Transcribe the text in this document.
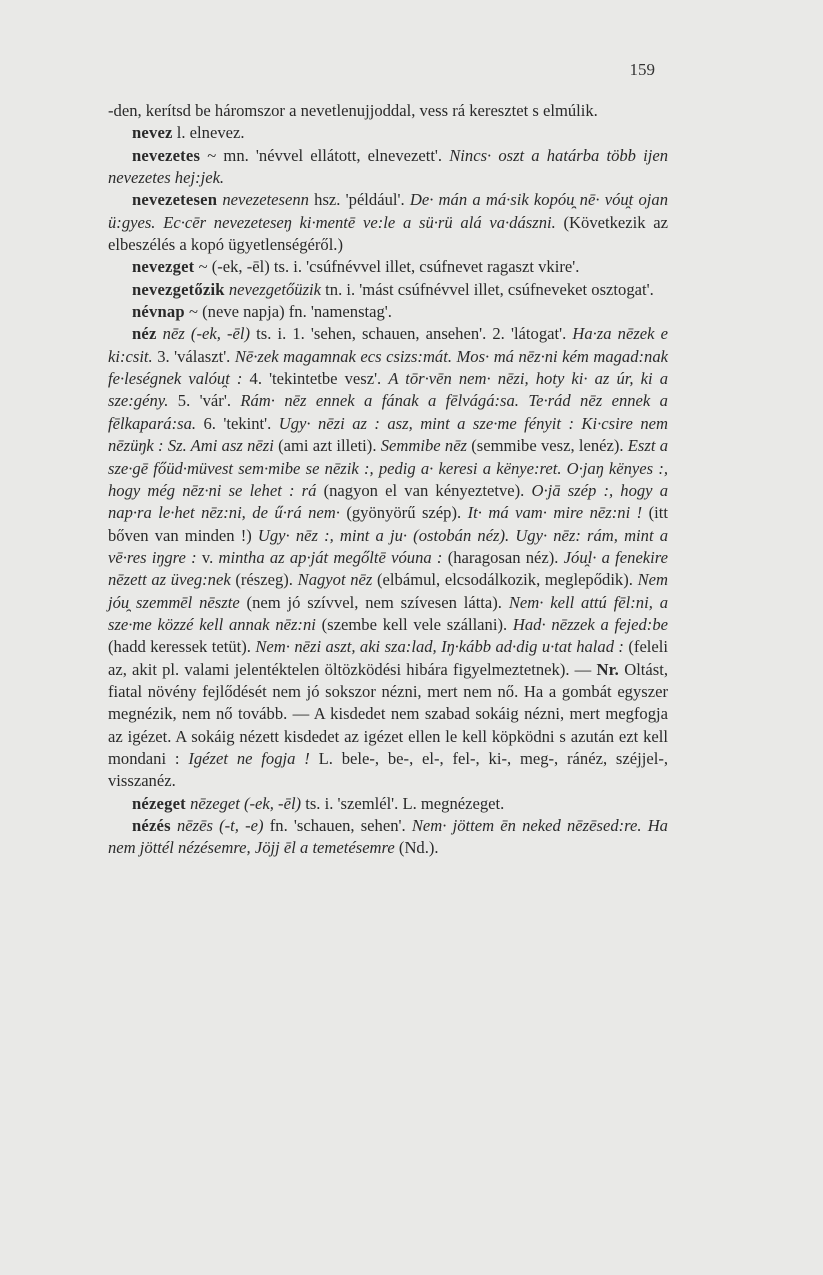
159

-den, kerítsd be háromszor a nevetlenujjoddal, vess rá keresztet s elmúlik.

nevez l. elnevez.

nevezetes ~ mn. 'névvel ellátott, elnevezett'. Nincs· oszt a határba több ijen nevezetes hej:jek.

nevezetesen nevezetesenn hsz. 'például'. De· mán a má·sik kopóu̯ nē· vóu̯t ojan ü:gyes. Ec·cēr nevezeteseŋ ki·mentē ve:le a sü·rü alá va·dászni. (Következik az elbeszélés a kopó ügyetlenségéről.)

nevezget ~ (-ek, -ēl) ts. i. 'csúfnévvel illet, csúfnevet ragaszt vkire'.

nevezgetőzik nevezgetőüzik tn. i. 'mást csúfnévvel illet, csúfneveket osztogat'.

névnap ~ (neve napja) fn. 'namenstag'.

néz nēz (-ek, -ēl) ts. i. 1. 'sehen, schauen, ansehen'. 2. 'látogat'. Ha·za nēzek e ki:csit. 3. 'választ'. Nē·zek magamnak ecs csizs:mát. Mos· má nēz·ni kém magad:nak fe·leségnek valóu̯t : 4. 'tekintetbe vesz'. A tōr·vēn nem· nēzi, hoty ki· az úr, ki a sze:gény. 5. 'vár'. Rám· nēz ennek a fának a fēlvágá:sa. Te·rád nēz ennek a fēlkapará:sa. 6. 'tekint'. Ugy· nēzi az : asz, mint a sze·me fényit : Ki·csire nem nēzüŋk : Sz. Ami asz nēzi (ami azt illeti). Semmibe nēz (semmibe vesz, lenéz). Eszt a sze·gē főüd·müvest sem·mibe se nēzik :, pedig a· keresi a kënye:ret. O·jaŋ kënyes :, hogy még nēz·ni se lehet : rá (nagyon el van kényeztetve). O·jā szép :, hogy a nap·ra le·het nēz:ni, de ű·rá nem· (gyönyörű szép). It· má vam· mire nēz:ni ! (itt bőven van minden !) Ugy· nēz :, mint a ju· (ostobán néz). Ugy· nēz: rám, mint a vē·res iŋgre : v. mintha az ap·ját megőltē vóuna : (haragosan néz). Jóu̯l· a fenekire nēzett az üveg:nek (részeg). Nagyot nēz (elbámul, elcsodálkozik, meglepődik). Nem jóu̯ szemmēl nēszte (nem jó szívvel, nem szívesen látta). Nem· kell attú fēl:ni, a sze·me közzé kell annak nēz:ni (szembe kell vele szállani). Had· nēzzek a fejed:be (hadd keressek tetüt). Nem· nēzi aszt, aki sza:lad, Iŋ·kább ad·dig u·tat halad : (feleli az, akit pl. valami jelentéktelen öltözködési hibára figyelmeztetnek). — Nr. Oltást, fiatal növény fejlődését nem jó sokszor nézni, mert nem nő. Ha a gombát egyszer megnézik, nem nő tovább. — A kisdedet nem szabad sokáig nézni, mert megfogja az igézet. A sokáig nézett kisdedet az igézet ellen le kell köpködni s azután ezt kell mondani : Igézet ne fogja ! L. bele-, be-, el-, fel-, ki-, meg-, ránéz, széjjel-, visszanéz.

nézeget nēzeget (-ek, -ēl) ts. i. 'szemlél'. L. megnézeget.

nézés nēzēs (-t, -e) fn. 'schauen, sehen'. Nem· jöttem ēn neked nēzēsed:re. Ha nem jöttél nézésemre, Jöjj ēl a temetésemre (Nd.).
